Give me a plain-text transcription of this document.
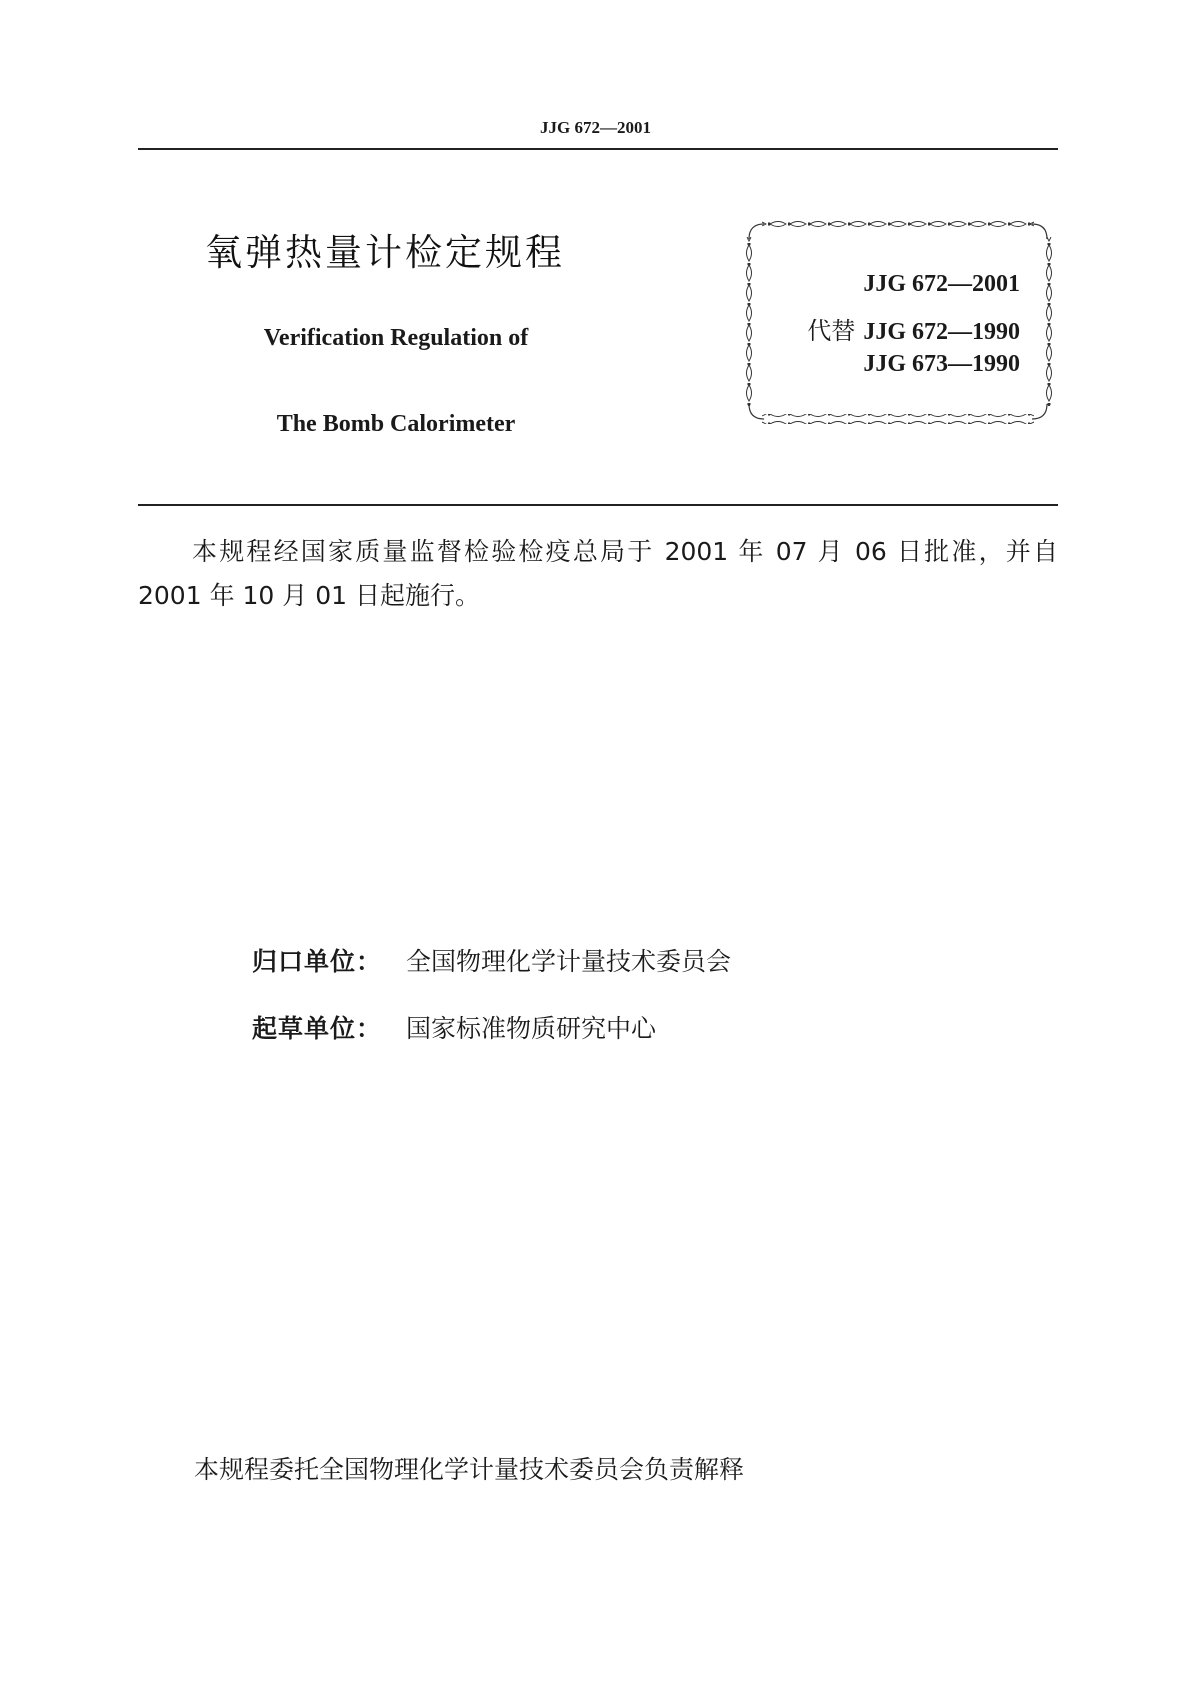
JJG 672—2001
氧弹热量计检定规程
Verification Regulation of
The Bomb Calorimeter
JJG 672—2001
代替 JJG 672—1990
JJG 673—1990
本规程经国家质量监督检验检疫总局于 2001 年 07 月 06 日批准，并自 2001 年 10 月 01 日起施行。
归口单位： 全国物理化学计量技术委员会
起草单位： 国家标准物质研究中心
本规程委托全国物理化学计量技术委员会负责解释
